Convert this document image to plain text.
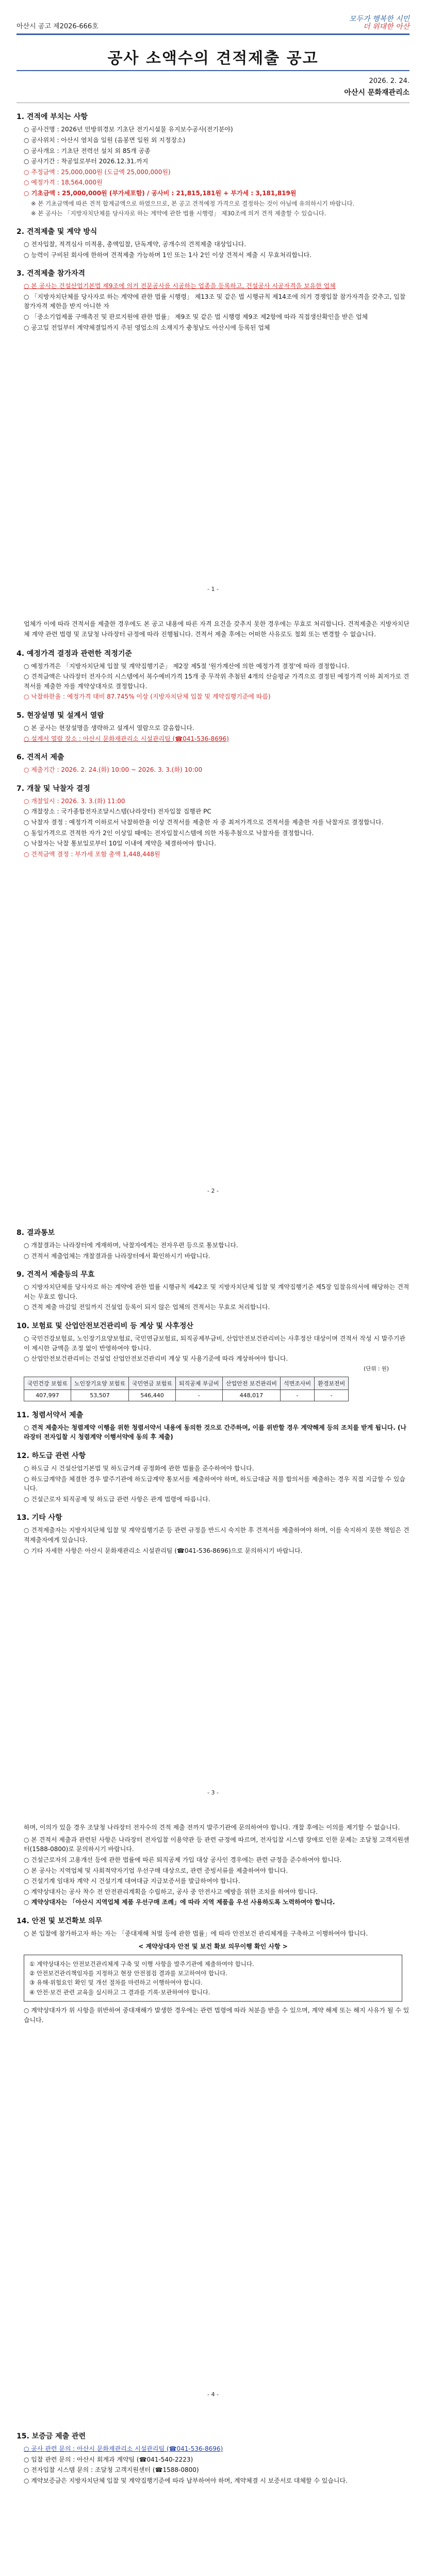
아산시 공고 제2026-666호
모두가 행복한 시민
더 위대한 아산
공사 소액수의 견적제출 공고
2026. 2. 24.
아산시 문화재관리소
1. 견적에 부치는 사항
○ 공사건명 : 2026년 민방위경보 기초단 전기시설물 유지보수공사(전기분야)
○ 공사위치 : 아산시 염치읍 일원 (음봉면 일원 외 지정장소)
○ 공사개요 : 기초단 전력선 설치 외 85개 공종
○ 공사기간 : 착공일로부터 2026.12.31.까지
○ 추정금액 : 25,000,000원 (도급액 25,000,000원)
○ 예정가격 : 18,564,000원
○ 기초금액 : 25,000,000원 (부가세포함) / 공사비 : 21,815,181원 + 부가세 : 3,181,819원
※ 본 기초금액에 따른 견적 합계금액으로 하였으므로, 본 공고 견적예정 가격으로 결정하는 것이 아님에 유의하시기 바랍니다.
※ 본 공사는 「지방자치단체를 당사자로 하는 계약에 관한 법률 시행령」 제30조에 의거 견적 제출할 수 있습니다.
2. 견적제출 및 계약 방식
○ 전자입찰, 적격심사 미적용, 총액입찰, 단독계약, 공개수의 견적제출 대상입니다.
○ 능력이 구비된 회사에 한하여 견적제출 가능하며 1인 또는 1사 2인 이상 견적서 제출 시 무효처리합니다.
3. 견적제출 참가자격
○ 본 공사는 건설산업기본법 제9조에 의거 전문공사를 시공하는 업종을 등록하고, 건설공사 시공자격을 보유한 업체
○ 「지방자치단체를 당사자로 하는 계약에 관한 법률 시행령」 제13조 및 같은 법 시행규칙 제14조에 의거 경쟁입찰 참가자격을 갖추고, 입찰참가자격 제한을 받지 아니한 자
○ 「중소기업제품 구매촉진 및 판로지원에 관한 법률」 제9조 및 같은 법 시행령 제9조 제2항에 따라 직접생산확인을 받은 업체
○ 공고일 전일부터 계약체결일까지 주된 영업소의 소재지가 충청남도 아산시에 등록된 업체
- 1 -
업체가 이에 따라 견적서를 제출한 경우에도 본 공고 내용에 따른 자격 요건을 갖추지 못한 경우에는 무효로 처리합니다. 견적제출은 지방자치단체 계약 관련 법령 및 조달청 나라장터 규정에 따라 진행됩니다. 견적서 제출 후에는 어떠한 사유로도 철회 또는 변경할 수 없습니다.
4. 예정가격 결정과 관련한 적정기준
○ 예정가격은 「지방자치단체 입찰 및 계약집행기준」 제2장 제5절 '원가계산에 의한 예정가격 결정'에 따라 결정합니다.
○ 견적금액은 나라장터 전자수의 시스템에서 복수예비가격 15개 중 무작위 추첨된 4개의 산술평균 가격으로 결정된 예정가격 이하 최저가로 견적서를 제출한 자를 계약상대자로 결정합니다.
○ 낙찰하한율 : 예정가격 대비 87.745% 이상 (지방자치단체 입찰 및 계약집행기준에 따름)
5. 현장설명 및 설계서 열람
○ 본 공사는 현장설명을 생략하고 설계서 열람으로 갈음합니다.
○ 설계서 열람 장소 : 아산시 문화재관리소 시설관리팀 (☎041-536-8696)
6. 견적서 제출
○ 제출기간 : 2026. 2. 24.(화) 10:00 ~ 2026. 3. 3.(화) 10:00
7. 개찰 및 낙찰자 결정
○ 개찰일시 : 2026. 3. 3.(화) 11:00
○ 개찰장소 : 국가종합전자조달시스템(나라장터) 전자입찰 집행관 PC
○ 낙찰자 결정 : 예정가격 이하로서 낙찰하한율 이상 견적서를 제출한 자 중 최저가격으로 견적서를 제출한 자를 낙찰자로 결정합니다.
○ 동일가격으로 견적한 자가 2인 이상일 때에는 전자입찰시스템에 의한 자동추첨으로 낙찰자를 결정합니다.
○ 낙찰자는 낙찰 통보일로부터 10일 이내에 계약을 체결하여야 합니다.
○ 견적금액 결정 : 부가세 포함 총액 1,448,448원
- 2 -
8. 결과통보
○ 개찰결과는 나라장터에 게재하며, 낙찰자에게는 전자우편 등으로 통보합니다.
○ 견적서 제출업체는 개찰결과를 나라장터에서 확인하시기 바랍니다.
9. 견적서 제출등의 무효
○ 지방자치단체를 당사자로 하는 계약에 관한 법률 시행규칙 제42조 및 지방자치단체 입찰 및 계약집행기준 제5장 입찰유의서에 해당하는 견적서는 무효로 합니다.
○ 견적 제출 마감일 전일까지 건설업 등록이 되지 않은 업체의 견적서는 무효로 처리합니다.
10. 보험료 및 산업안전보건관리비 등 계상 및 사후정산
○ 국민건강보험료, 노인장기요양보험료, 국민연금보험료, 퇴직공제부금비, 산업안전보건관리비는 사후정산 대상이며 견적서 작성 시 발주기관이 제시한 금액을 조정 없이 반영하여야 합니다.
○ 산업안전보건관리비는 건설업 산업안전보건관리비 계상 및 사용기준에 따라 계상하여야 합니다.
(단위 : 원)
국민건강 보험료	노인장기요양 보험료	국민연금 보험료	퇴직공제 부금비	산업안전 보건관리비	석면조사비	환경보전비
407,997	53,507	546,440	-	448,017	-	-
11. 청렴서약서 제출
○ 견적 제출자는 청렴계약 이행을 위한 청렴서약서 내용에 동의한 것으로 간주하며, 이를 위반할 경우 계약해제 등의 조치를 받게 됩니다. (나라장터 전자입찰 시 청렴계약 이행서약에 동의 후 제출)
12. 하도급 관련 사항
○ 하도급 시 건설산업기본법 및 하도급거래 공정화에 관한 법률을 준수하여야 합니다.
○ 하도급계약을 체결한 경우 발주기관에 하도급계약 통보서를 제출하여야 하며, 하도급대금 직불 합의서를 제출하는 경우 직접 지급할 수 있습니다.
○ 건설근로자 퇴직공제 및 하도급 관련 사항은 관계 법령에 따릅니다.
13. 기타 사항
○ 견적제출자는 지방자치단체 입찰 및 계약집행기준 등 관련 규정을 반드시 숙지한 후 견적서를 제출하여야 하며, 이를 숙지하지 못한 책임은 견적제출자에게 있습니다.
○ 기타 자세한 사항은 아산시 문화재관리소 시설관리팀 (☎041-536-8696)으로 문의하시기 바랍니다.
- 3 -
하며, 이의가 있을 경우 조달청 나라장터 전자수의 견적 제출 전까지 발주기관에 문의하여야 합니다. 개찰 후에는 이의를 제기할 수 없습니다.
○ 본 견적서 제출과 관련된 사항은 나라장터 전자입찰 이용약관 등 관련 규정에 따르며, 전자입찰 시스템 장애로 인한 문제는 조달청 고객지원센터(1588-0800)로 문의하시기 바랍니다.
○ 건설근로자의 고용개선 등에 관한 법률에 따른 퇴직공제 가입 대상 공사인 경우에는 관련 규정을 준수하여야 합니다.
○ 본 공사는 지역업체 및 사회적약자기업 우선구매 대상으로, 관련 증빙서류를 제출하여야 합니다.
○ 건설기계 임대차 계약 시 건설기계 대여대금 지급보증서를 발급하여야 합니다.
○ 계약상대자는 공사 착수 전 안전관리계획을 수립하고, 공사 중 안전사고 예방을 위한 조치를 하여야 합니다.
○ 계약상대자는 「아산시 지역업체 제품 우선구매 조례」에 따라 지역 제품을 우선 사용하도록 노력하여야 합니다.
14. 안전 및 보건확보 의무
○ 본 입찰에 참가하고자 하는 자는 「중대재해 처벌 등에 관한 법률」에 따라 안전보건 관리체계를 구축하고 이행하여야 합니다.
< 계약상대자 안전 및 보건 확보 의무이행 확인 사항 >
① 계약상대자는 안전보건관리체계 구축 및 이행 사항을 발주기관에 제출하여야 합니다.
② 안전보건관리책임자를 지정하고 현장 안전점검 결과를 보고하여야 합니다.
③ 유해·위험요인 확인 및 개선 절차를 마련하고 이행하여야 합니다.
④ 안전·보건 관련 교육을 실시하고 그 결과를 기록·보관하여야 합니다.
○ 계약상대자가 위 사항을 위반하여 중대재해가 발생한 경우에는 관련 법령에 따라 처분을 받을 수 있으며, 계약 해제 또는 해지 사유가 될 수 있습니다.
- 4 -
15. 보증금 제출 관련
○ 공사 관련 문의 : 아산시 문화재관리소 시설관리팀 (☎041-536-8696)
○ 입찰 관련 문의 : 아산시 회계과 계약팀 (☎041-540-2223)
○ 전자입찰 시스템 문의 : 조달청 고객지원센터 (☎1588-0800)
○ 계약보증금은 지방자치단체 입찰 및 계약집행기준에 따라 납부하여야 하며, 계약체결 시 보증서로 대체할 수 있습니다.
